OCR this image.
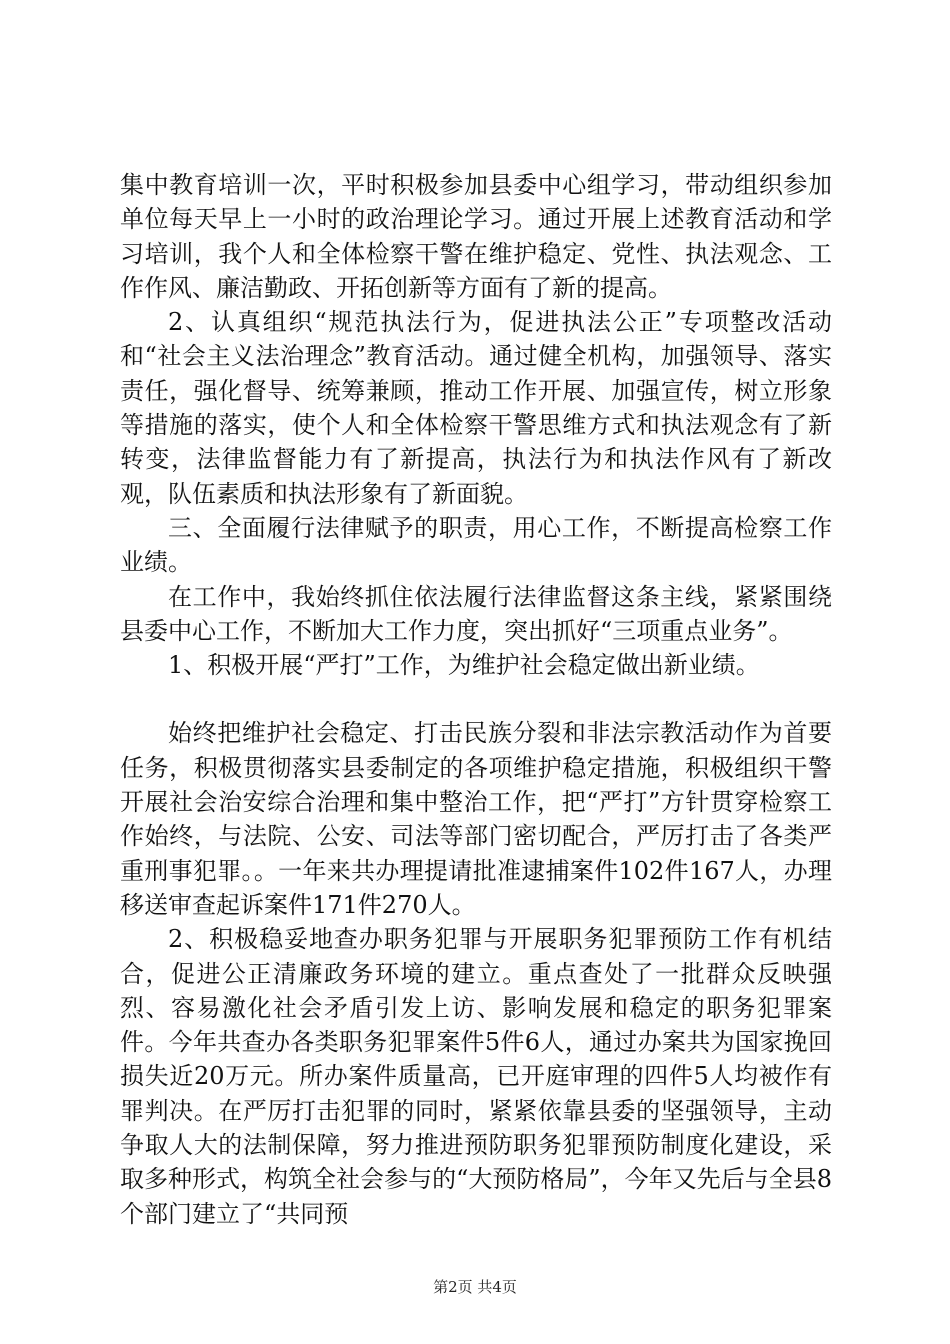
集中教育培训一次，平时积极参加县委中心组学习，带动组织参加单位每天早上一小时的政治理论学习。通过开展上述教育活动和学习培训，我个人和全体检察干警在维护稳定、党性、执法观念、工作作风、廉洁勤政、开拓创新等方面有了新的提高。

2、认真组织“规范执法行为，促进执法公正”专项整改活动和“社会主义法治理念”教育活动。通过健全机构，加强领导、落实责任，强化督导、统筹兼顾，推动工作开展、加强宣传，树立形象等措施的落实，使个人和全体检察干警思维方式和执法观念有了新转变，法律监督能力有了新提高，执法行为和执法作风有了新改观，队伍素质和执法形象有了新面貌。

三、全面履行法律赋予的职责，用心工作，不断提高检察工作业绩。

在工作中，我始终抓住依法履行法律监督这条主线，紧紧围绕县委中心工作，不断加大工作力度，突出抓好“三项重点业务”。

1、积极开展“严打”工作，为维护社会稳定做出新业绩。

始终把维护社会稳定、打击民族分裂和非法宗教活动作为首要任务，积极贯彻落实县委制定的各项维护稳定措施，积极组织干警开展社会治安综合治理和集中整治工作，把“严打”方针贯穿检察工作始终，与法院、公安、司法等部门密切配合，严厉打击了各类严重刑事犯罪。。一年来共办理提请批准逮捕案件102件167人，办理移送审查起诉案件171件270人。

2、积极稳妥地查办职务犯罪与开展职务犯罪预防工作有机结合，促进公正清廉政务环境的建立。重点查处了一批群众反映强烈、容易激化社会矛盾引发上访、影响发展和稳定的职务犯罪案件。今年共查办各类职务犯罪案件5件6人，通过办案共为国家挽回损失近20万元。所办案件质量高，已开庭审理的四件5人均被作有罪判决。在严厉打击犯罪的同时，紧紧依靠县委的坚强领导，主动争取人大的法制保障，努力推进预防职务犯罪预防制度化建设，采取多种形式，构筑全社会参与的“大预防格局”，今年又先后与全县8个部门建立了“共同预

第2页 共4页
